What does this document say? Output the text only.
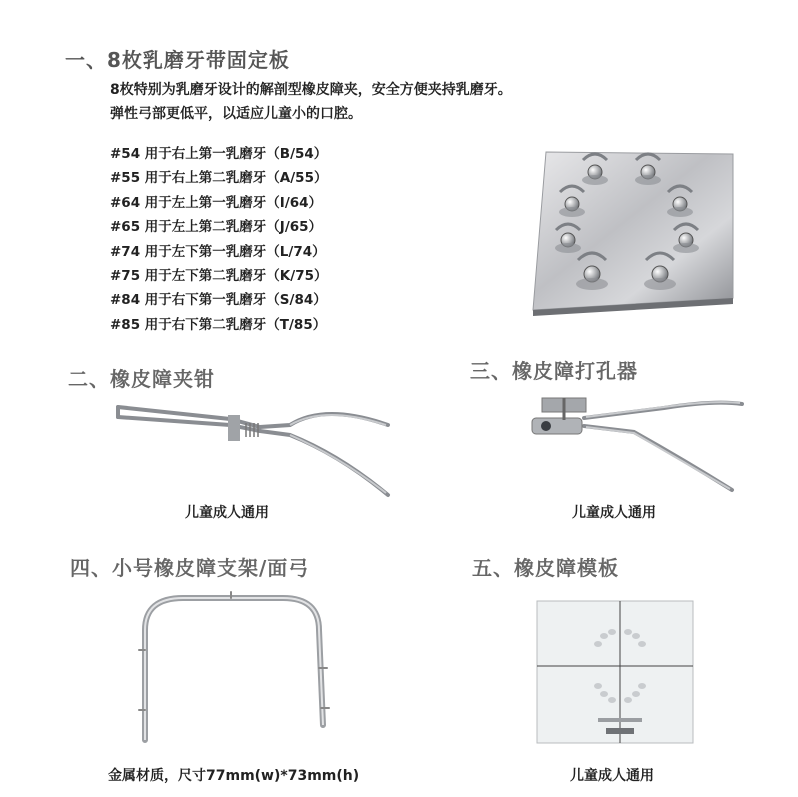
一、8枚乳磨牙带固定板
8枚特别为乳磨牙设计的解剖型橡皮障夹，安全方便夹持乳磨牙。
弹性弓部更低平，以适应儿童小的口腔。
#54 用于右上第一乳磨牙（B/54）
#55 用于右上第二乳磨牙（A/55）
#64 用于左上第一乳磨牙（I/64）
#65 用于左上第二乳磨牙（J/65）
#74 用于左下第一乳磨牙（L/74）
#75 用于左下第二乳磨牙（K/75）
#84 用于右下第一乳磨牙（S/84）
#85 用于右下第二乳磨牙（T/85）
二、橡皮障夹钳
儿童成人通用
三、橡皮障打孔器
儿童成人通用
四、小号橡皮障支架/面弓
金属材质，尺寸77mm(w)*73mm(h)
五、橡皮障模板
儿童成人通用
